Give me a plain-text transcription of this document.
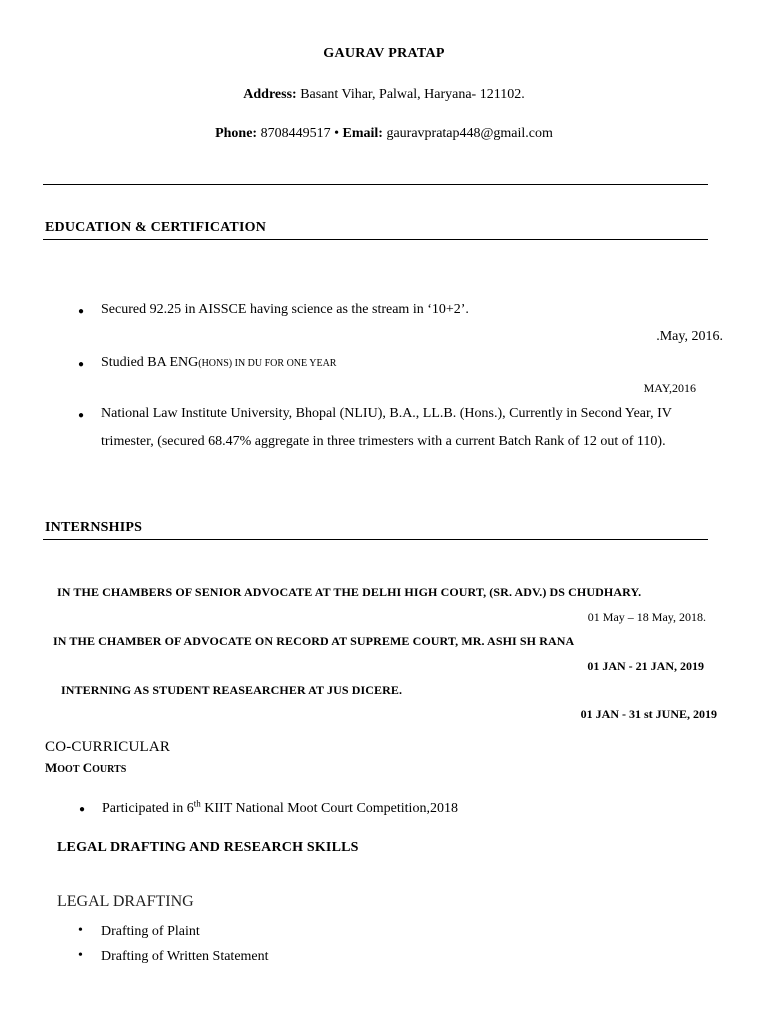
GAURAV PRATAP
Address: Basant Vihar, Palwal, Haryana- 121102.
Phone: 8708449517 • Email: gauravpratap448@gmail.com
EDUCATION & CERTIFICATION
● Secured 92.25 in AISSCE having science as the stream in ‘10+2’.
.May, 2016.
● Studied BA ENG(HONS) IN DU FOR ONE YEAR
MAY,2016
● National Law Institute University, Bhopal (NLIU), B.A., LL.B. (Hons.), Currently in Second Year, IV
trimester, (secured 68.47% aggregate in three trimesters with a current Batch Rank of 12 out of 110).
INTERNSHIPS
IN THE CHAMBERS OF SENIOR ADVOCATE AT THE DELHI HIGH COURT, (SR. ADV.) DS CHUDHARY.
01 May – 18 May, 2018.
IN THE CHAMBER OF ADVOCATE ON RECORD AT SUPREME COURT, MR. ASHI SH RANA
01 JAN - 21 JAN, 2019
INTERNING AS STUDENT REASEARCHER AT JUS DICERE.
01 JAN - 31 st JUNE, 2019
CO-CURRICULAR
MOOT COURTS
● Participated in 6th KIIT National Moot Court Competition,2018
LEGAL DRAFTING AND RESEARCH SKILLS
LEGAL DRAFTING
• Drafting of Plaint
• Drafting of Written Statement
